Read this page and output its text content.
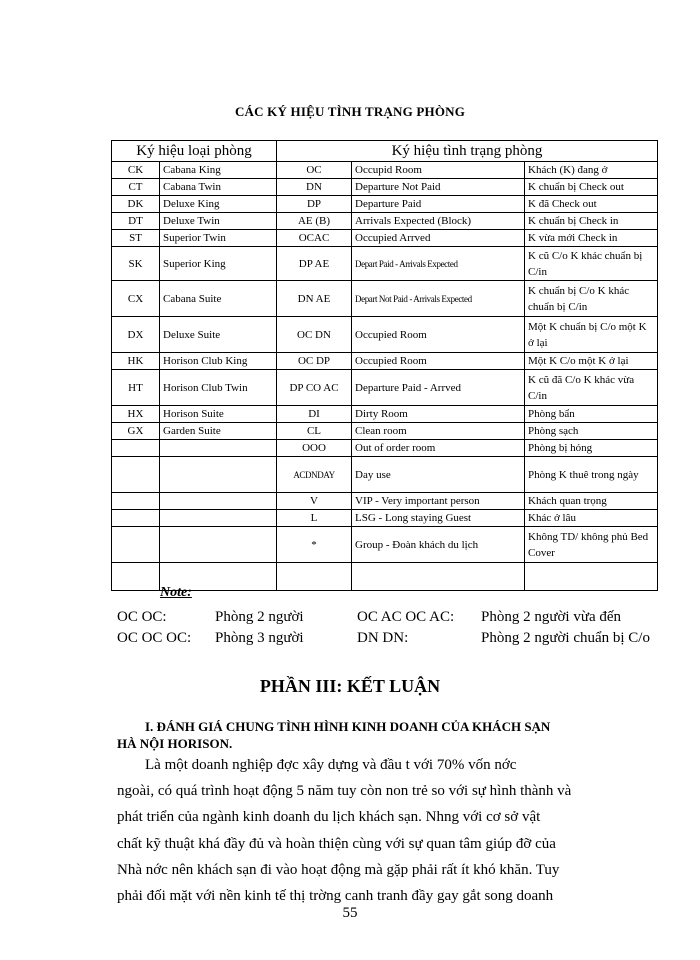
CÁC KÝ HIỆU TÌNH TRẠNG PHÒNG
Ký hiệu loại phòng		Ký hiệu tình trạng phòng		
CK	Cabana King	OC	Occupid Room	Khách (K) đang ở
CT	Cabana Twin	DN	Departure Not Paid	K chuẩn bị Check out
DK	Deluxe King	DP	Departure Paid	K đã Check out
DT	Deluxe Twin	AE (B)	Arrivals Expected (Block)	K chuẩn bị Check in
ST	Superior Twin	OCAC	Occupied Arrved	K vừa mới Check in
SK	Superior King	DP AE	Depart Paid - Arrivals Expected	K cũ C/o K khác chuẩn bị C/in
CX	Cabana Suite	DN AE	Depart Not Paid - Arrivals Expected	K chuẩn bị C/o K khác chuẩn bị C/in
DX	Deluxe Suite	OC DN	Occupied Room	Một K chuẩn bị C/o một K ở lại
HK	Horison Club King	OC DP	Occupied Room	Một K C/o một K ở lại
HT	Horison Club Twin	DP CO AC	Departure Paid - Arrved	K cũ đã C/o K khác vừa C/in
HX	Horison Suite	DI	Dirty Room	Phòng bẩn
GX	Garden Suite	CL	Clean room	Phòng sạch
		OOO	Out of order room	Phòng bị hỏng
		ACDNDAY	Day use	Phòng K thuê trong ngày
		V	VIP - Very important person	Khách quan trọng
		L	LSG - Long staying Guest	Khác ở lâu
		*	Group - Đoàn khách du lịch	Không TD/ không phủ Bed Cover

Note:
OC OC:	Phòng 2 người	OC AC OC AC: Phòng 2 người vừa đến
OC OC OC: Phòng 3 người	DN DN:	Phòng 2 người chuẩn bị C/o
PHẦN III: KẾT LUẬN
I. ĐÁNH GIÁ CHUNG TÌNH HÌNH KINH DOANH CỦA KHÁCH SẠN
HÀ NỘI HORISON.
Là một doanh nghiệp đợc xây dựng và đầu t với 70% vốn nớc
ngoài, có quá trình hoạt động 5 năm tuy còn non trẻ so với sự hình thành và
phát triển của ngành kinh doanh du lịch khách sạn. Nhng với cơ sở vật
chất kỹ thuật khá đầy đủ và hoàn thiện cùng với sự quan tâm giúp đỡ của
Nhà nớc nên khách sạn đi vào hoạt động mà gặp phải rất ít khó khăn. Tuy
phải đối mặt với nền kinh tế thị trờng canh tranh đầy gay gắt song doanh
55
